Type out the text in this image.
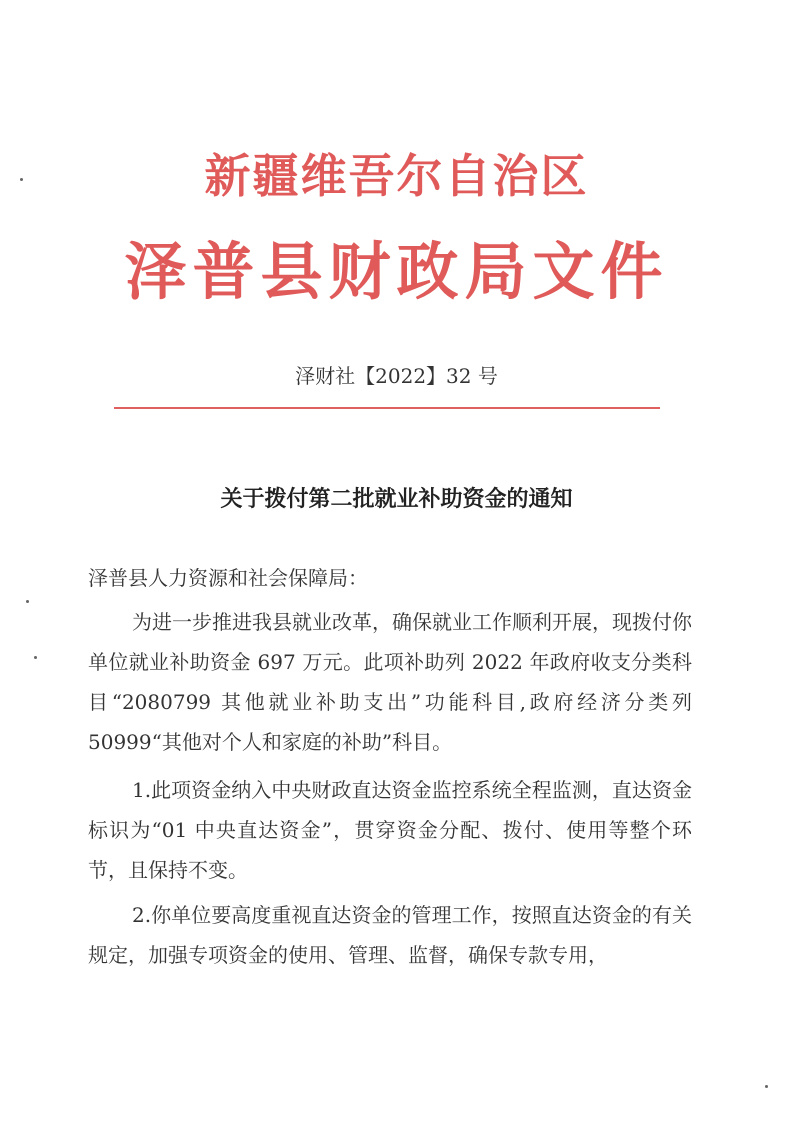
新疆维吾尔自治区
泽普县财政局文件
泽财社【2022】32 号
关于拨付第二批就业补助资金的通知
泽普县人力资源和社会保障局：
为进一步推进我县就业改革，确保就业工作顺利开展，现拨付你单位就业补助资金 697 万元。此项补助列 2022 年政府收支分类科目“2080799 其他就业补助支出”功能科目,政府经济分类列 50999“其他对个人和家庭的补助”科目。
1.此项资金纳入中央财政直达资金监控系统全程监测，直达资金标识为“01 中央直达资金”，贯穿资金分配、拨付、使用等整个环节，且保持不变。
2.你单位要高度重视直达资金的管理工作，按照直达资金的有关规定，加强专项资金的使用、管理、监督，确保专款专用，
